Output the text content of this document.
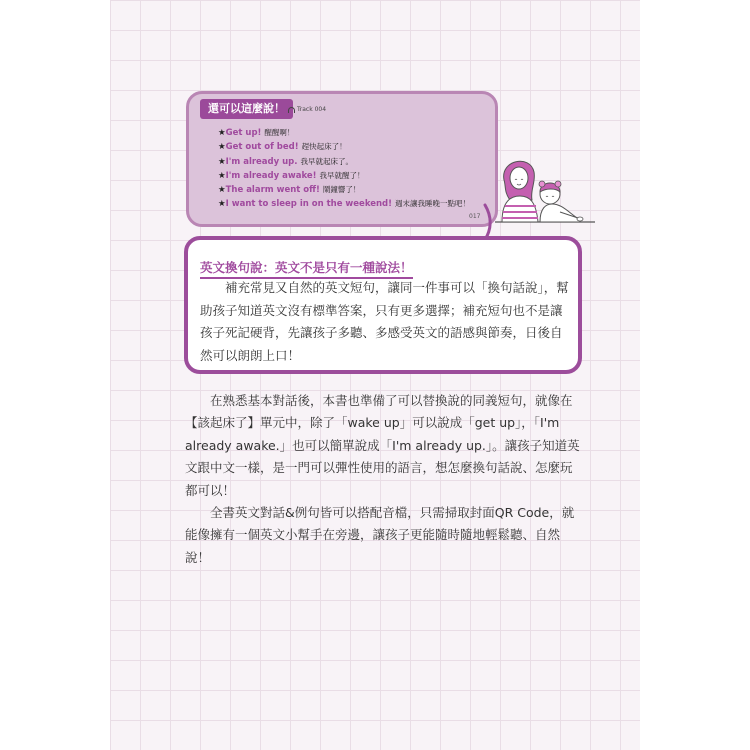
還可以這麼說！	Track 004
★Get up! 醒醒啊！
★Get out of bed! 趕快起床了！
★I'm already up. 我早就起床了。
★I'm already awake! 我早就醒了！
★The alarm went off! 鬧鐘響了！
★I want to sleep in on the weekend! 週末讓我睡晚一點吧！
017
英文換句說：英文不是只有一種說法！
補充常見又自然的英文短句，讓同一件事可以「換句話說」，幫助孩子知道英文沒有標準答案，只有更多選擇；補充短句也不是讓孩子死記硬背，先讓孩子多聽、多感受英文的語感與節奏，日後自然可以朗朗上口！

在熟悉基本對話後，本書也準備了可以替換說的同義短句，就像在【該起床了】單元中，除了「wake up」可以說成「get up」，「I'm already awake.」也可以簡單說成「I'm already up.」。讓孩子知道英文跟中文一樣，是一門可以彈性使用的語言，想怎麼換句話說、怎麼玩都可以！

全書英文對話&例句皆可以搭配音檔，只需掃取封面QR Code，就能像擁有一個英文小幫手在旁邊，讓孩子更能隨時隨地輕鬆聽、自然說！
